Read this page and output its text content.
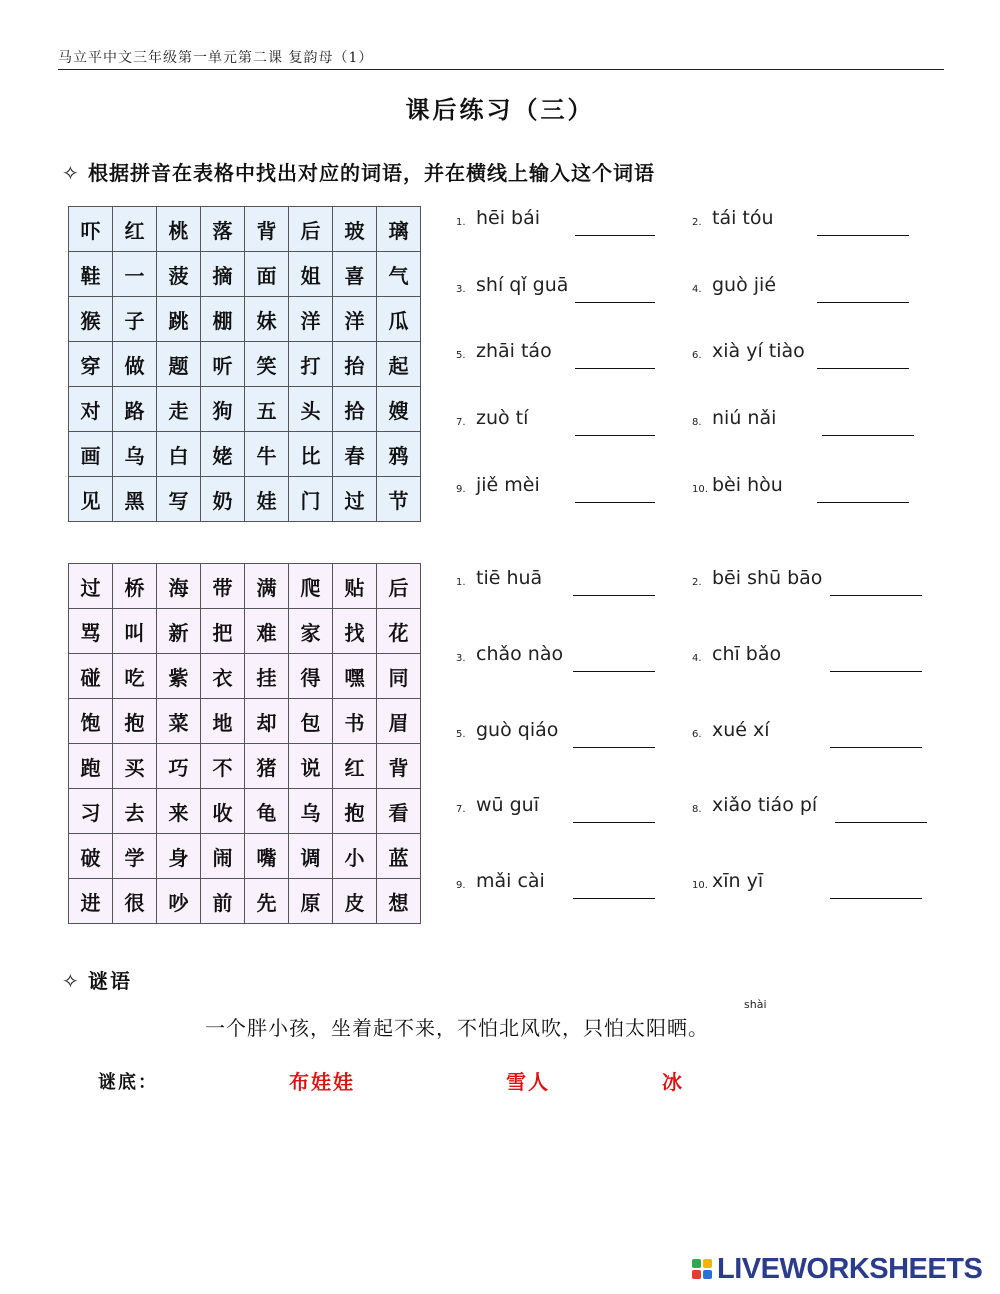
马立平中文三年级第一单元第二课 复韵母（1）
课后练习（三）
✧ 根据拼音在表格中找出对应的词语，并在横线上输入这个词语
吓	红	桃	落	背	后	玻	璃
鞋	一	菠	摘	面	姐	喜	气
猴	子	跳	棚	妹	洋	洋	瓜
穿	做	题	听	笑	打	抬	起
对	路	走	狗	五	头	拾	嫂
画	乌	白	姥	牛	比	春	鸦
见	黑	写	奶	娃	门	过	节
过	桥	海	带	满	爬	贴	后
骂	叫	新	把	难	家	找	花
碰	吃	紫	衣	挂	得	嘿	同
饱	抱	菜	地	却	包	书	眉
跑	买	巧	不	猪	说	红	背
习	去	来	收	龟	乌	抱	看
破	学	身	闹	嘴	调	小	蓝
进	很	吵	前	先	原	皮	想
1. hēi bái	2. tái tóu
3. shí qǐ guā	4. guò jié
5. zhāi táo	6. xià yí tiào
7. zuò tí	8. niú nǎi
9. jiě mèi	10. bèi hòu
1. tiē huā	2. bēi shū bāo
3. chǎo nào	4. chī bǎo
5. guò qiáo	6. xué xí
7. wū guī	8. xiǎo tiáo pí
9. mǎi cài	10. xīn yī
✧ 谜语
shài
一个胖小孩，坐着起不来，不怕北风吹，只怕太阳晒。
谜底：	布娃娃	雪人	冰
LIVEWORKSHEETS
